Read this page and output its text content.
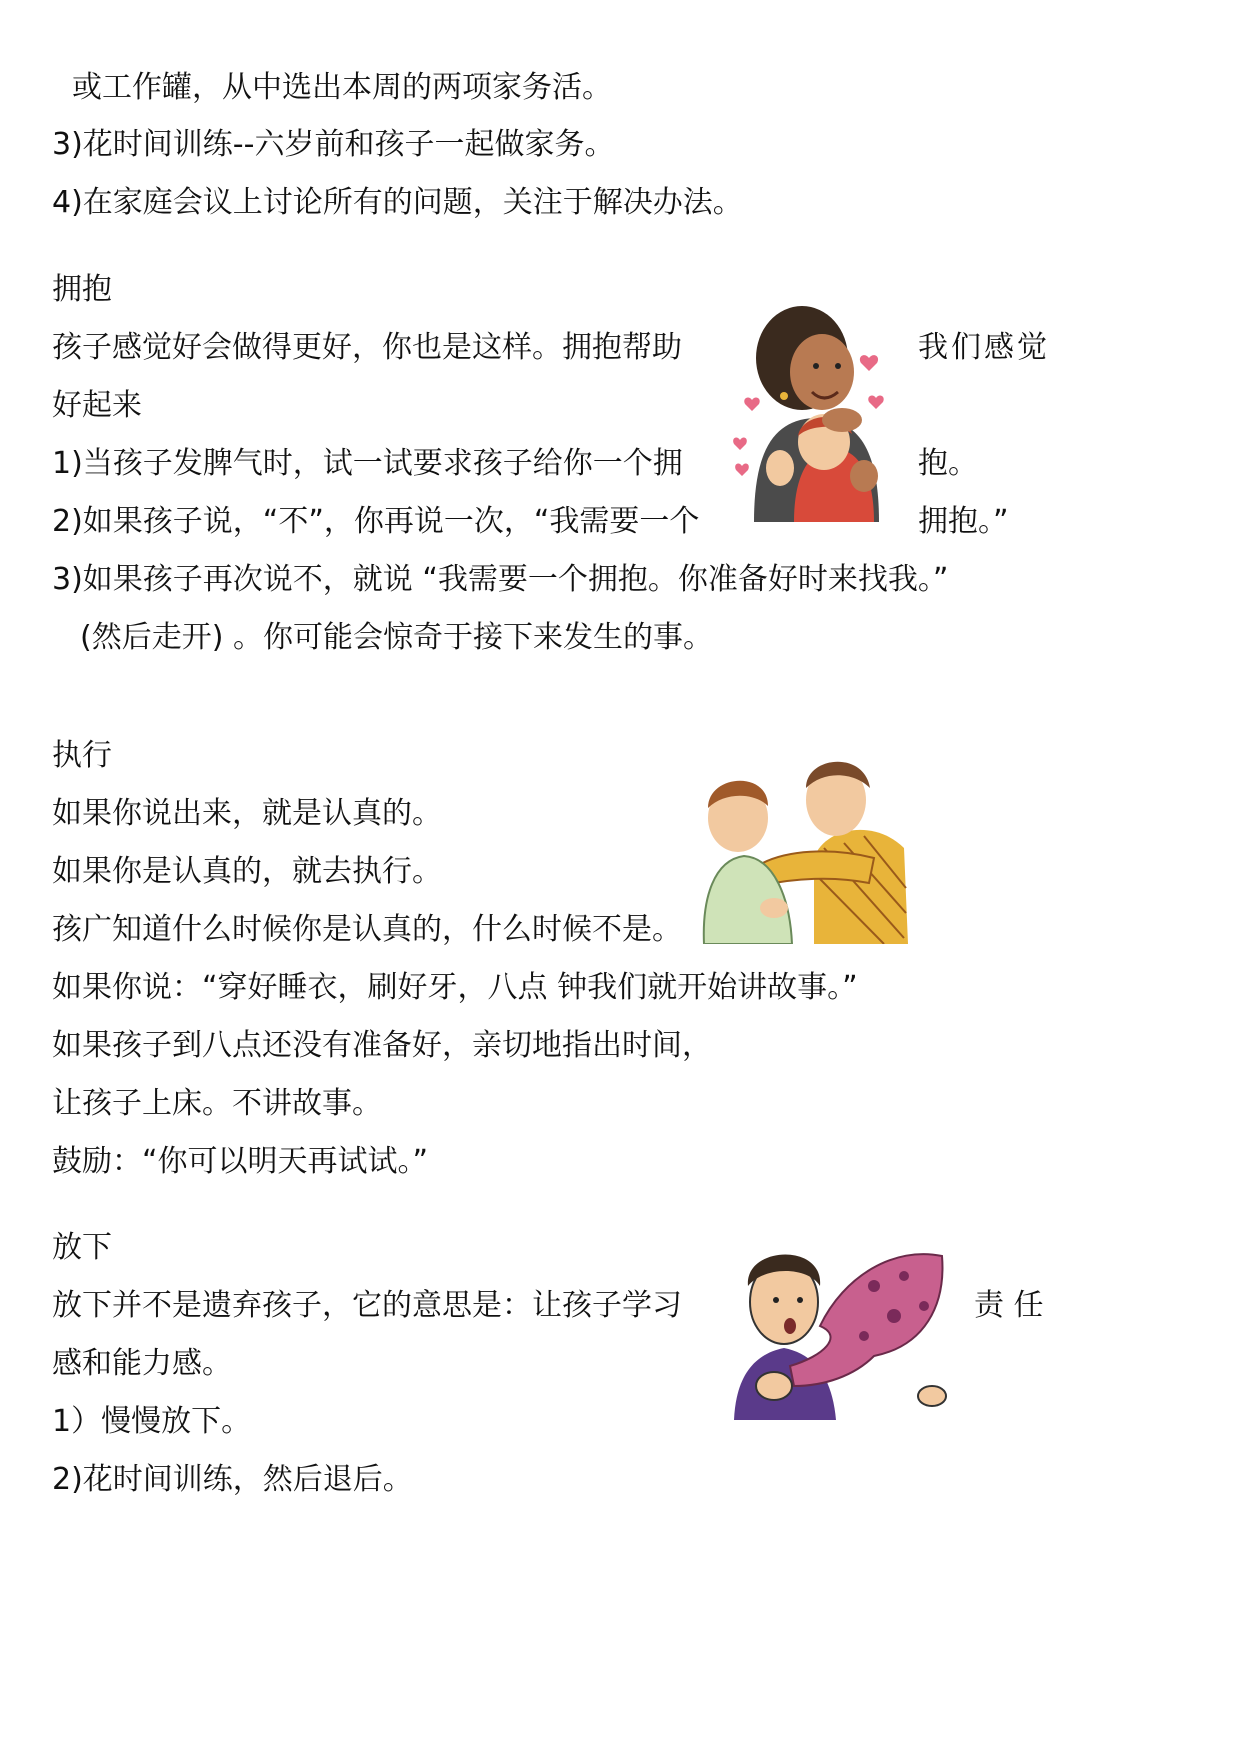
或工作罐，从中选出本周的两项家务活。
3)花时间训练--六岁前和孩子一起做家务。
4)在家庭会议上讨论所有的问题，关注于解决办法。
拥抱
孩子感觉好会做得更好，你也是这样。拥抱帮助	我们感觉
好起来
1)当孩子发脾气时，试一试要求孩子给你一个拥	抱。
2)如果孩子说，“不”，你再说一次，“我需要一个	拥抱。”
3)如果孩子再次说不，就说 “我需要一个拥抱。你准备好时来找我。”
(然后走开) 。你可能会惊奇于接下来发生的事。
执行
如果你说出来，就是认真的。
如果你是认真的，就去执行。
孩广知道什么时候你是认真的，什么时候不是。
如果你说：“穿好睡衣，刷好牙，八点 钟我们就开始讲故事。”
如果孩子到八点还没有准备好，亲切地指出时间，
让孩子上床。不讲故事。
鼓励：“你可以明天再试试。”
放下
放下并不是遗弃孩子，它的意思是：让孩子学习	责 任
感和能力感。
1）慢慢放下。
2)花时间训练，然后退后。
